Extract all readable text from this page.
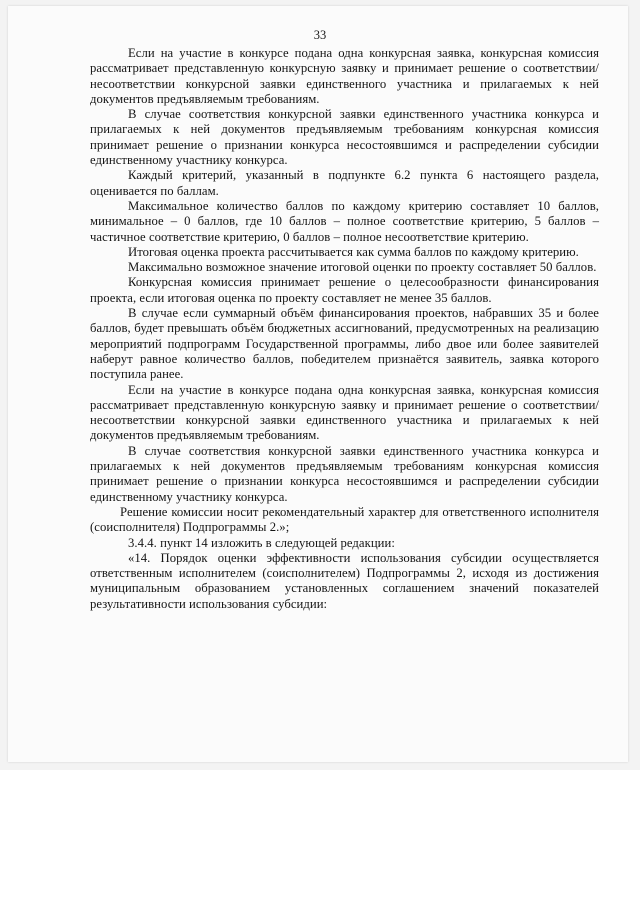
33

Если на участие в конкурсе подана одна конкурсная заявка, конкурсная комиссия рассматривает представленную конкурсную заявку и принимает решение о соответствии/несоответствии конкурсной заявки единственного участника и прилагаемых к ней документов предъявляемым требованиям.

В случае соответствия конкурсной заявки единственного участника конкурса и прилагаемых к ней документов предъявляемым требованиям конкурсная комиссия принимает решение о признании конкурса несостоявшимся и распределении субсидии единственному участнику конкурса.

Каждый критерий, указанный в подпункте 6.2 пункта 6 настоящего раздела, оценивается по баллам.

Максимальное количество баллов по каждому критерию составляет 10 баллов, минимальное – 0 баллов, где 10 баллов – полное соответствие критерию, 5 баллов – частичное соответствие критерию, 0 баллов – полное несоответствие критерию.

Итоговая оценка проекта рассчитывается как сумма баллов по каждому критерию.

Максимально возможное значение итоговой оценки по проекту составляет 50 баллов.

Конкурсная комиссия принимает решение о целесообразности финансирования проекта, если итоговая оценка по проекту составляет не менее 35 баллов.

В случае если суммарный объём финансирования проектов, набравших 35 и более баллов, будет превышать объём бюджетных ассигнований, предусмотренных на реализацию мероприятий подпрограмм Государственной программы, либо двое или более заявителей наберут равное количество баллов, победителем признаётся заявитель, заявка которого поступила ранее.

Если на участие в конкурсе подана одна конкурсная заявка, конкурсная комиссия рассматривает представленную конкурсную заявку и принимает решение о соответствии/несоответствии конкурсной заявки единственного участника и прилагаемых к ней документов предъявляемым требованиям.

В случае соответствия конкурсной заявки единственного участника конкурса и прилагаемых к ней документов предъявляемым требованиям конкурсная комиссия принимает решение о признании конкурса несостоявшимся и распределении субсидии единственному участнику конкурса.

Решение комиссии носит рекомендательный характер для ответственного исполнителя (соисполнителя) Подпрограммы 2.»;

3.4.4. пункт 14 изложить в следующей редакции:

«14. Порядок оценки эффективности использования субсидии осуществляется ответственным исполнителем (соисполнителем) Подпрограммы 2, исходя из достижения муниципальным образованием установленных соглашением значений показателей результативности использования субсидии:
